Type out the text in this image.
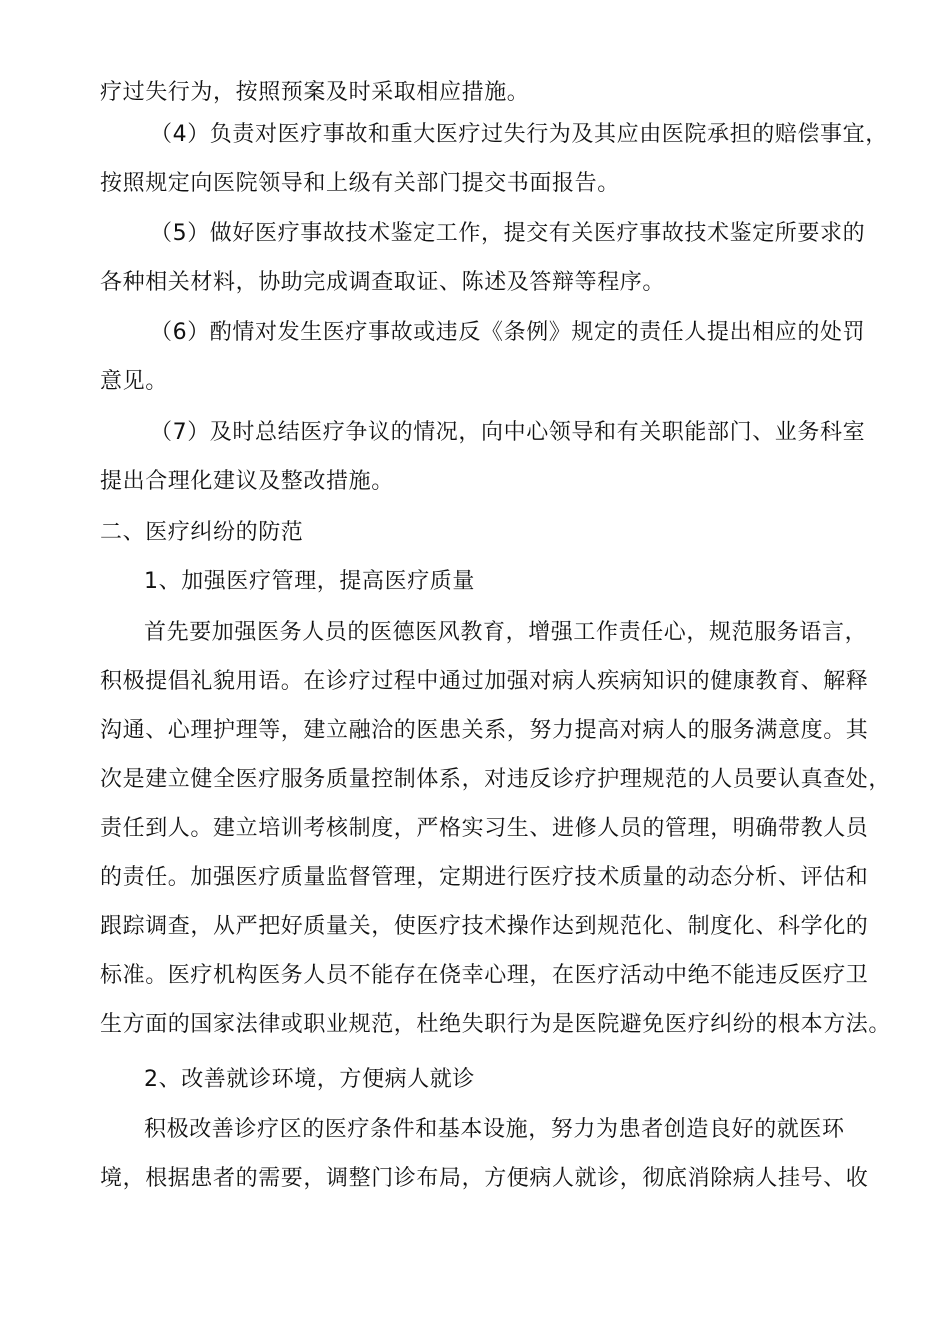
疗过失行为，按照预案及时采取相应措施。
（4）负责对医疗事故和重大医疗过失行为及其应由医院承担的赔偿事宜，
按照规定向医院领导和上级有关部门提交书面报告。
（5）做好医疗事故技术鉴定工作，提交有关医疗事故技术鉴定所要求的
各种相关材料，协助完成调查取证、陈述及答辩等程序。
（6）酌情对发生医疗事故或违反《条例》规定的责任人提出相应的处罚
意见。
（7）及时总结医疗争议的情况，向中心领导和有关职能部门、业务科室
提出合理化建议及整改措施。
二、医疗纠纷的防范
1、加强医疗管理，提高医疗质量
首先要加强医务人员的医德医风教育，增强工作责任心，规范服务语言，
积极提倡礼貌用语。在诊疗过程中通过加强对病人疾病知识的健康教育、解释
沟通、心理护理等，建立融洽的医患关系，努力提高对病人的服务满意度。其
次是建立健全医疗服务质量控制体系，对违反诊疗护理规范的人员要认真查处，
责任到人。建立培训考核制度，严格实习生、进修人员的管理，明确带教人员
的责任。加强医疗质量监督管理，定期进行医疗技术质量的动态分析、评估和
跟踪调查，从严把好质量关，使医疗技术操作达到规范化、制度化、科学化的
标准。医疗机构医务人员不能存在侥幸心理，在医疗活动中绝不能违反医疗卫
生方面的国家法律或职业规范，杜绝失职行为是医院避免医疗纠纷的根本方法。
2、改善就诊环境，方便病人就诊
积极改善诊疗区的医疗条件和基本设施，努力为患者创造良好的就医环
境，根据患者的需要，调整门诊布局，方便病人就诊，彻底消除病人挂号、收
